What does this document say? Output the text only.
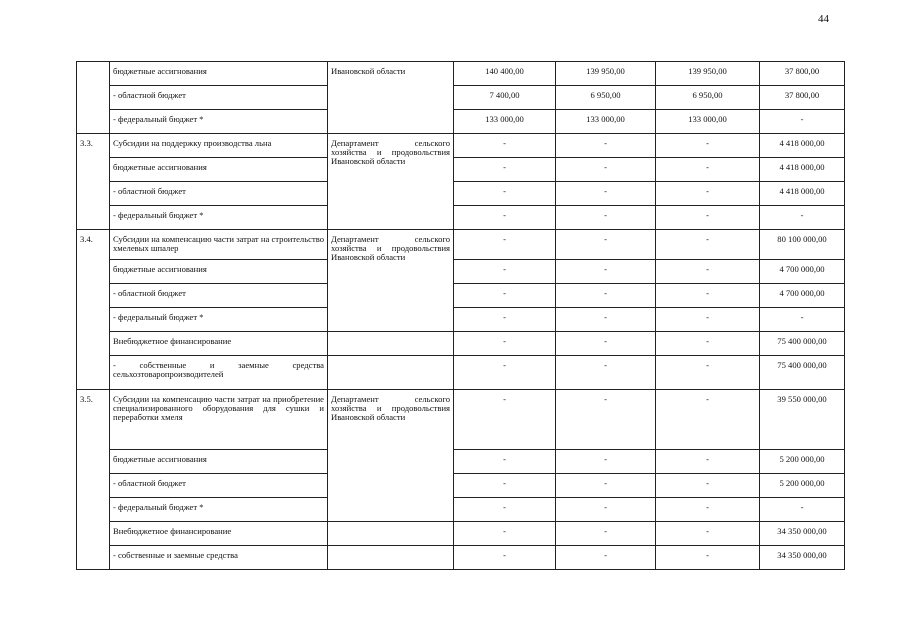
44
	бюджетные ассигнования	Ивановской области	140 400,00	139 950,00	139 950,00	37 800,00
	- областной бюджет		7 400,00	6 950,00	6 950,00	37 800,00
	- федеральный бюджет *		133 000,00	133 000,00	133 000,00	-
3.3.	Субсидии на поддержку производства льна	Департамент сельского хозяйства и продовольствия Ивановской области	-	-	-	4 418 000,00
	бюджетные ассигнования		-	-	-	4 418 000,00
	- областной бюджет		-	-	-	4 418 000,00
	- федеральный бюджет *		-	-	-	-
3.4.	Субсидии на компенсацию части затрат на строительство хмелевых шпалер	Департамент сельского хозяйства и продовольствия Ивановской области	-	-	-	80 100 000,00
	бюджетные ассигнования		-	-	-	4 700 000,00
	- областной бюджет		-	-	-	4 700 000,00
	- федеральный бюджет *		-	-	-	-
	Внебюджетное финансирование		-	-	-	75 400 000,00
	- собственные и заемные средства сельхозтоваропроизводителей		-	-	-	75 400 000,00
3.5.	Субсидии на компенсацию части затрат на приобретение специализированного оборудования для сушки и переработки хмеля	Департамент сельского хозяйства и продовольствия Ивановской области	-	-	-	39 550 000,00
	бюджетные ассигнования		-	-	-	5 200 000,00
	- областной бюджет		-	-	-	5 200 000,00
	- федеральный бюджет *		-	-	-	-
	Внебюджетное финансирование		-	-	-	34 350 000,00
	- собственные и заемные средства		-	-	-	34 350 000,00
